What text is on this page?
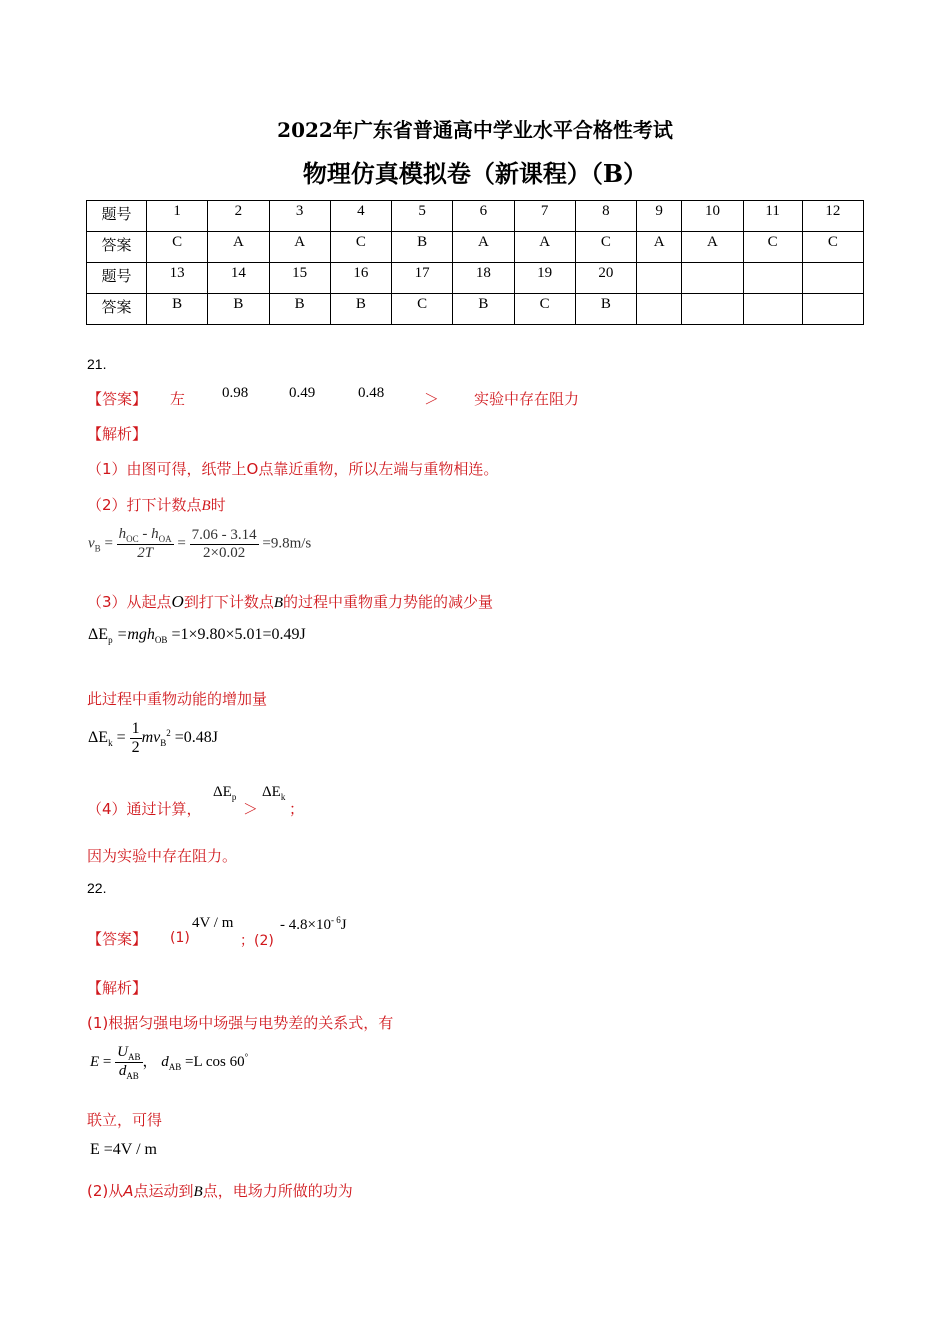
2022年广东省普通高中学业水平合格性考试
物理仿真模拟卷（新课程）（B）
题号	1	2	3	4	5	6	7	8	9	10	11	12
答案	C	A	A	C	B	A	A	C	A	A	C	C
题号	13	14	15	16	17	18	19	20				
答案	B	B	B	B	C	B	C	B				
21.
【答案】 左 0.98	0.49	0.48	＞ 实验中存在阻力
【解析】
（1）由图可得，纸带上O点靠近重物，所以左端与重物相连。
（2）打下计数点B时
$v_B = \frac{h_{OC} - h_{OA}}{2T} = \frac{7.06 - 3.14}{2\times 0.02} =9.8m/s$
（3）从起点O到打下计数点B的过程中重物重力势能的减少量
$\Delta E_p =mgh_{OB} =1\times 9.80\times 5.01=0.49J$
此过程中重物动能的增加量
$\Delta E_k = \frac{1}{2} mv_B^2 =0.48J$
（4）通过计算，
$\Delta E_p$
＞
$\Delta E_k$
；
因为实验中存在阻力。
22.
【答案】 (1)
4V / m
；(2)
- $4.8\times 10^{- 6}J$
【解析】
(1)根据匀强电场中场强与电势差的关系式，有
$E = \frac{U_{AB}}{d_{AB}}$ ， $d_{AB} =L$ cos 60°
联立，可得
E =4V / m
(2)从A点运动到B点，电场力所做的功为
